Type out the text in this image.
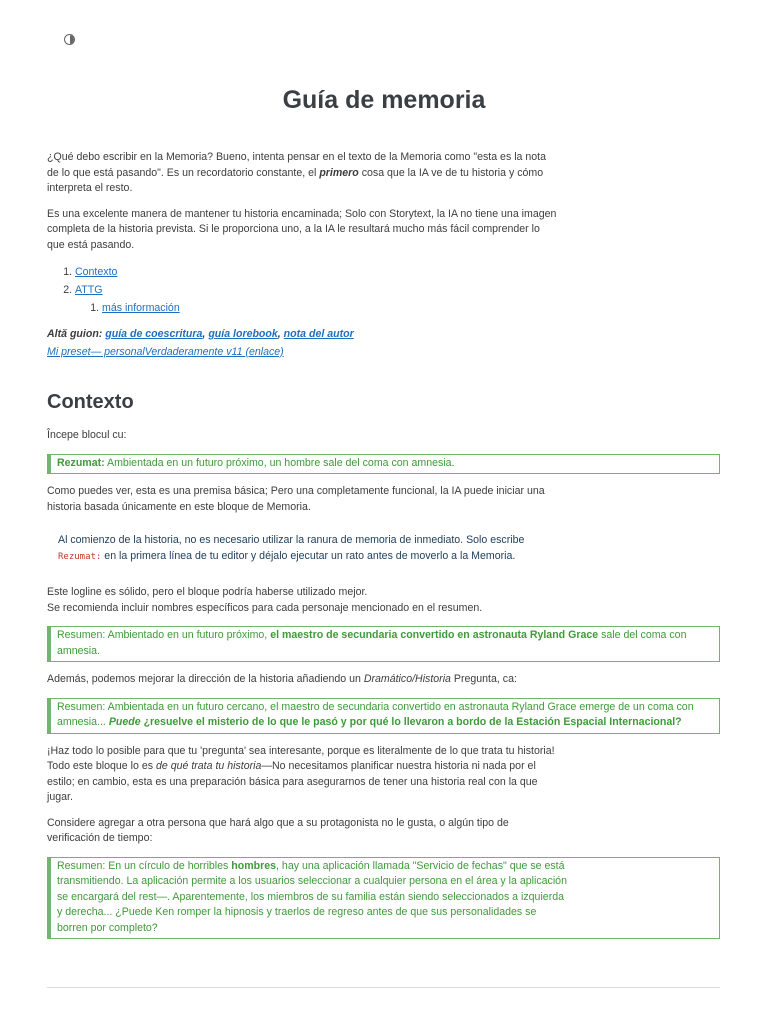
Guía de memoria

¿Qué debo escribir en la Memoria? Bueno, intenta pensar en el texto de la Memoria como "esta es la nota de lo que está pasando". Es un recordatorio constante, el primero cosa que la IA ve de tu historia y cómo interpreta el resto.

Es una excelente manera de mantener tu historia encaminada; Solo con Storytext, la IA no tiene una imagen completa de la historia prevista. Si le proporciona uno, a la IA le resultará mucho más fácil comprender lo que está pasando.

1. Contexto
2. ATTG
1. más información
Altă guion: guía de coescritura, guía lorebook, nota del autor
Mi preset— personalVerdaderamente v11 (enlace)
Contexto

Începe blocul cu:

Rezumat: Ambientada en un futuro próximo, un hombre sale del coma con amnesia.

Como puedes ver, esta es una premisa básica; Pero una completamente funcional, la IA puede iniciar una historia basada únicamente en este bloque de Memoria.

Al comienzo de la historia, no es necesario utilizar la ranura de memoria de inmediato. Solo escribe
Rezumat: en la primera línea de tu editor y déjalo ejecutar un rato antes de moverlo a la Memoria.

Este logline es sólido, pero el bloque podría haberse utilizado mejor.
Se recomienda incluir nombres específicos para cada personaje mencionado en el resumen.

Resumen: Ambientado en un futuro próximo, el maestro de secundaria convertido en astronauta Ryland Grace sale del coma con amnesia.

Además, podemos mejorar la dirección de la historia añadiendo un Dramático/Historia Pregunta, ca:

Resumen: Ambientada en un futuro cercano, el maestro de secundaria convertido en astronauta Ryland Grace emerge de un coma con amnesia... Puede ¿resuelve el misterio de lo que le pasó y por qué lo llevaron a bordo de la Estación Espacial Internacional?

¡Haz todo lo posible para que tu 'pregunta' sea interesante, porque es literalmente de lo que trata tu historia!
Todo este bloque lo es de qué trata tu historia—No necesitamos planificar nuestra historia ni nada por el estilo; en cambio, esta es una preparación básica para asegurarnos de tener una historia real con la que jugar.

Considere agregar a otra persona que hará algo que a su protagonista no le gusta, o algún tipo de verificación de tiempo:

Resumen: En un círculo de horribles hombres, hay una aplicación llamada "Servicio de fechas" que se está transmitiendo. La aplicación permite a los usuarios seleccionar a cualquier persona en el área y la aplicación se encargará del rest—. Aparentemente, los miembros de su familia están siendo seleccionados a izquierda y derecha... ¿Puede Ken romper la hipnosis y traerlos de regreso antes de que sus personalidades se borren por completo?
